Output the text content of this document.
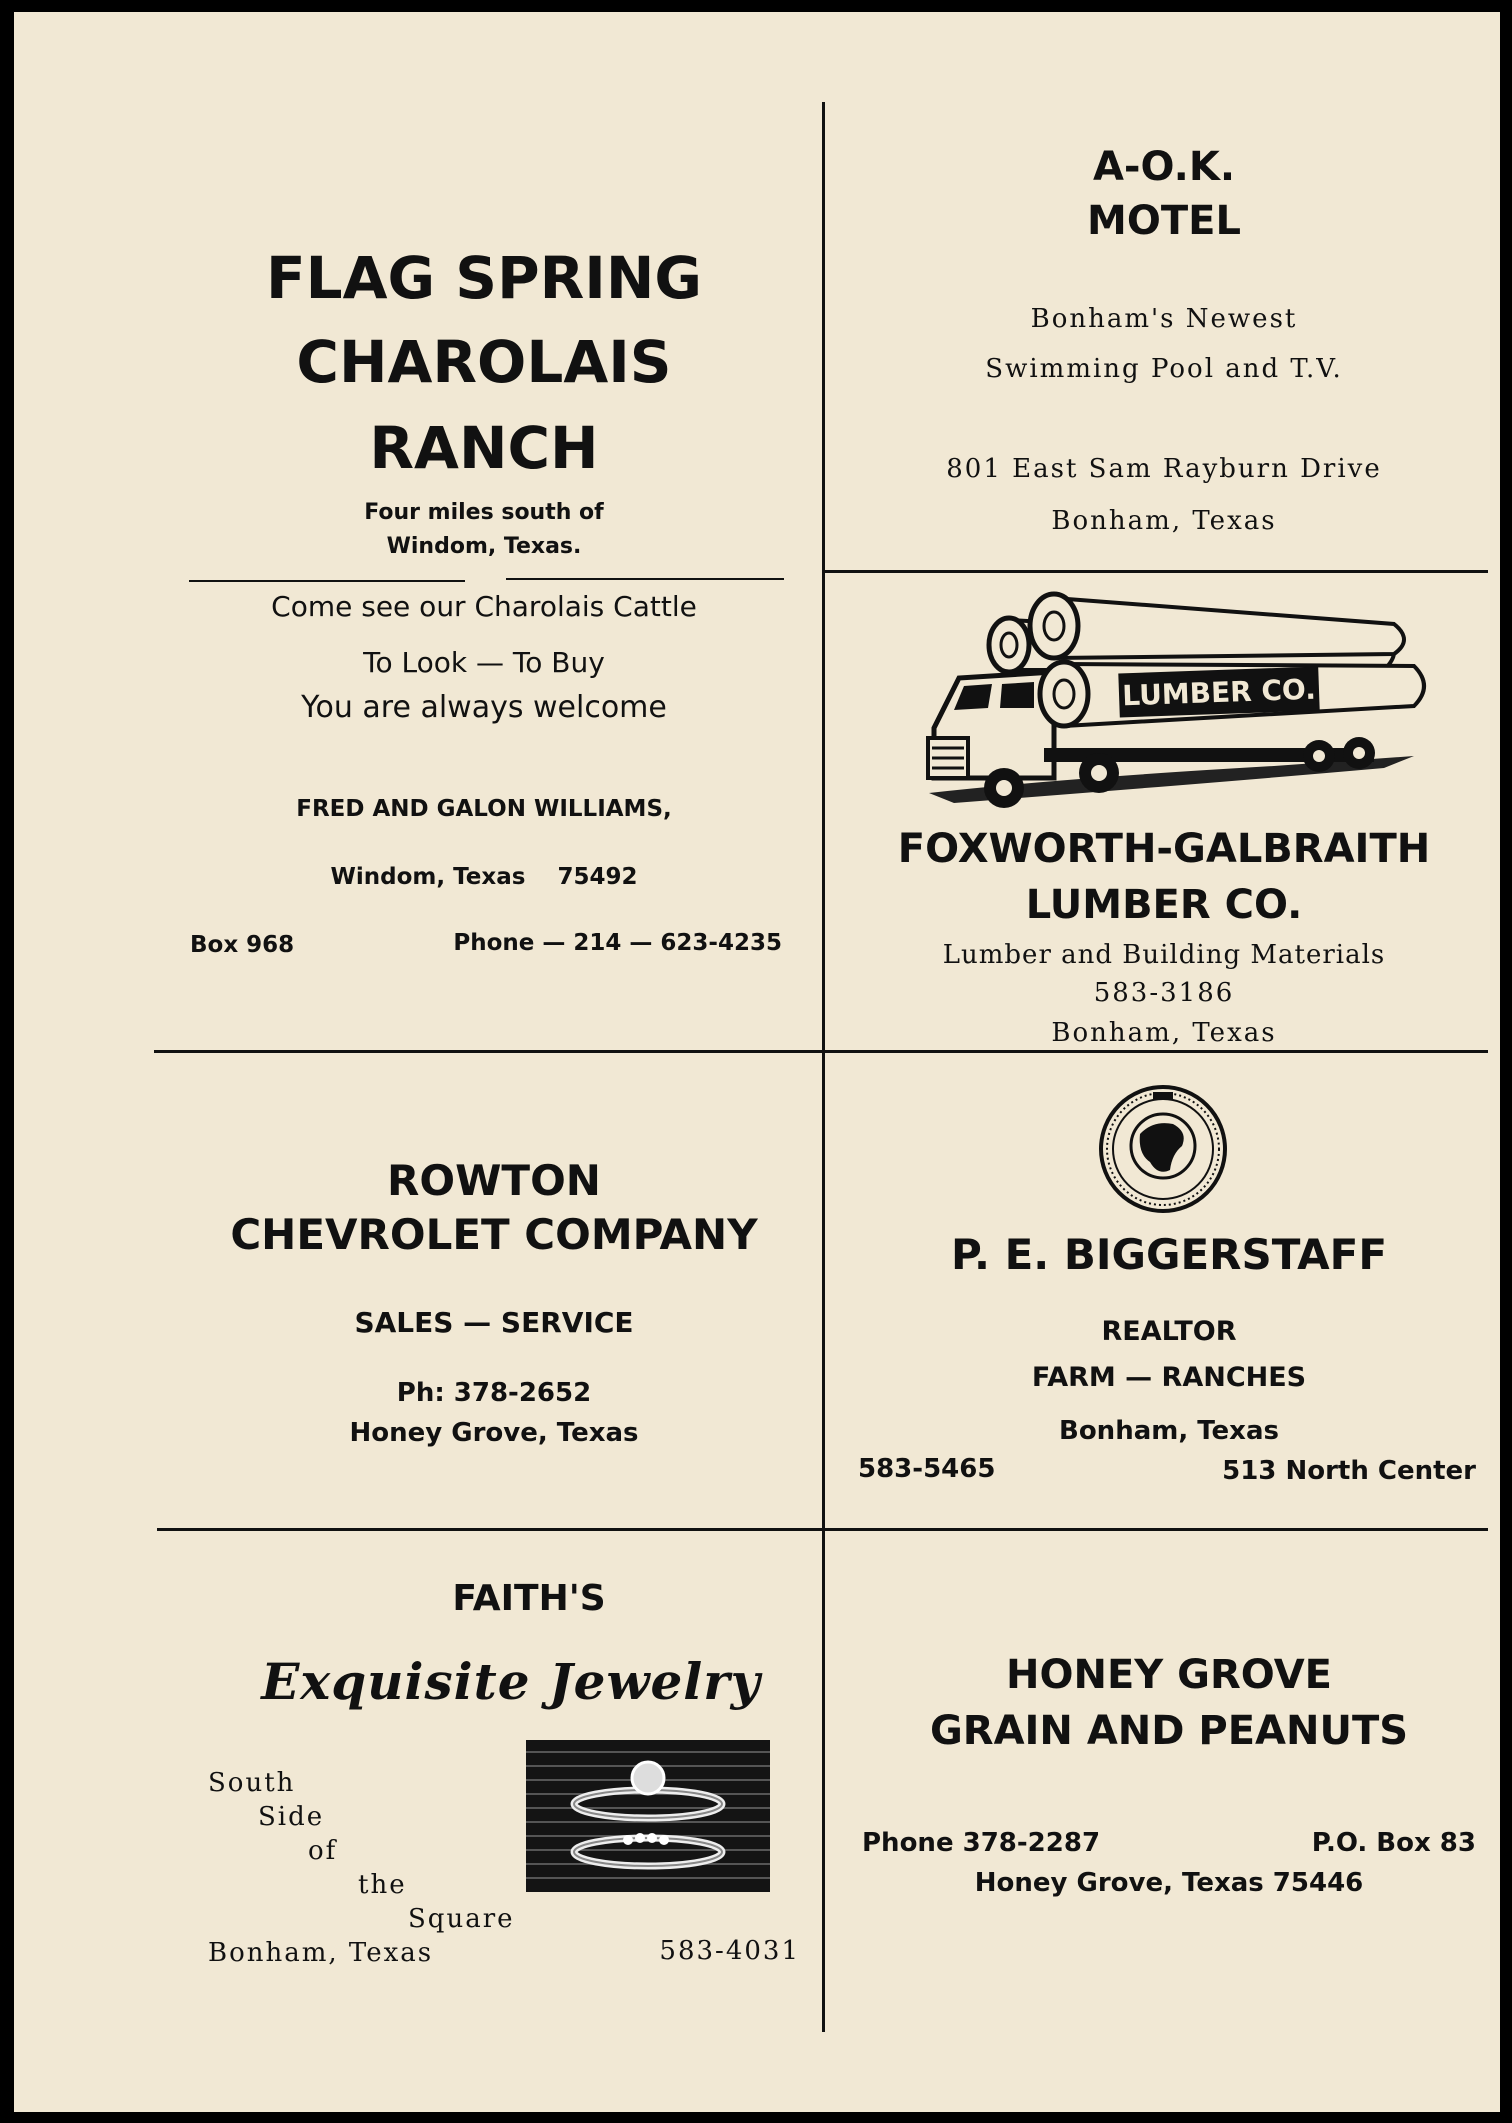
FLAG SPRING
CHAROLAIS
RANCH
Four miles south of
Windom, Texas.
Come see our Charolais Cattle
To Look — To Buy
You are always welcome
FRED AND GALON WILLIAMS,
Windom, Texas    75492
Box 968	Phone — 214 — 623-4235
A-O.K.
MOTEL
Bonham's Newest
Swimming Pool and T.V.
801 East Sam Rayburn Drive
Bonham, Texas
LUMBER CO.
FOXWORTH-GALBRAITH
LUMBER CO.
Lumber and Building Materials
583-3186
Bonham, Texas
ROWTON
CHEVROLET COMPANY
SALES — SERVICE
Ph: 378-2652
Honey Grove, Texas
P. E. BIGGERSTAFF
REALTOR
FARM — RANCHES
Bonham, Texas
583-5465	513 North Center
FAITH'S
Exquisite Jewelry
South
Side
of
the
Square
Bonham, Texas	583-4031
HONEY GROVE
GRAIN AND PEANUTS
Phone 378-2287	P.O. Box 83
Honey Grove, Texas 75446
